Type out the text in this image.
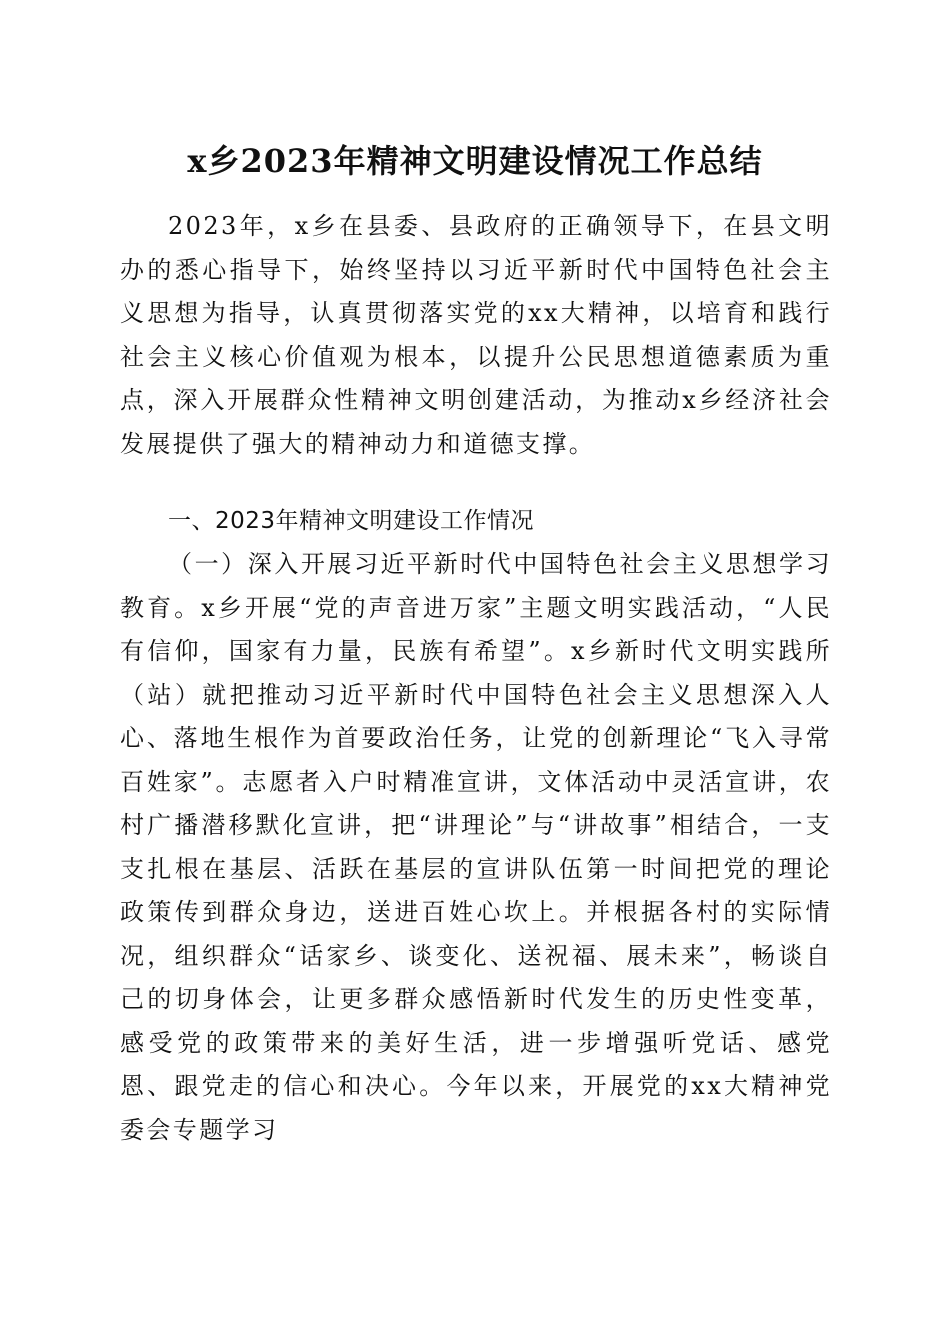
x乡2023年精神文明建设情况工作总结

2023年，x乡在县委、县政府的正确领导下，在县文明办的悉心指导下，始终坚持以习近平新时代中国特色社会主义思想为指导，认真贯彻落实党的xx大精神，以培育和践行社会主义核心价值观为根本，以提升公民思想道德素质为重点，深入开展群众性精神文明创建活动，为推动x乡经济社会发展提供了强大的精神动力和道德支撑。

一、2023年精神文明建设工作情况

（一）深入开展习近平新时代中国特色社会主义思想学习教育。x乡开展“党的声音进万家”主题文明实践活动，“人民有信仰，国家有力量，民族有希望”。x乡新时代文明实践所（站）就把推动习近平新时代中国特色社会主义思想深入人心、落地生根作为首要政治任务，让党的创新理论“飞入寻常百姓家”。志愿者入户时精准宣讲，文体活动中灵活宣讲，农村广播潜移默化宣讲，把“讲理论”与“讲故事”相结合，一支支扎根在基层、活跃在基层的宣讲队伍第一时间把党的理论政策传到群众身边，送进百姓心坎上。并根据各村的实际情况，组织群众“话家乡、谈变化、送祝福、展未来”，畅谈自己的切身体会，让更多群众感悟新时代发生的历史性变革，感受党的政策带来的美好生活，进一步增强听党话、感党恩、跟党走的信心和决心。今年以来，开展党的xx大精神党委会专题学习
